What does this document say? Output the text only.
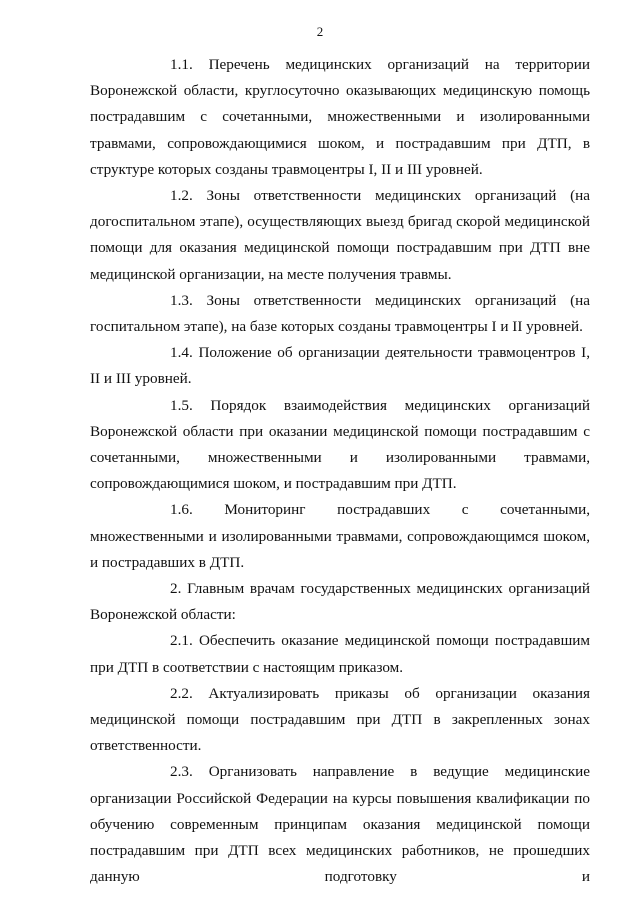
2

1.1. Перечень медицинских организаций на территории Воронежской области, круглосуточно оказывающих медицинскую помощь пострадавшим с сочетанными, множественными и изолированными травмами, сопровождающимися шоком, и пострадавшим при ДТП, в структуре которых созданы травмоцентры I, II и III уровней.

1.2. Зоны ответственности медицинских организаций (на догоспитальном этапе), осуществляющих выезд бригад скорой медицинской помощи для оказания медицинской помощи пострадавшим при ДТП вне медицинской организации, на месте получения травмы.

1.3. Зоны ответственности медицинских организаций (на госпитальном этапе), на базе которых созданы травмоцентры I и II уровней.

1.4. Положение об организации деятельности травмоцентров I, II и III уровней.

1.5. Порядок взаимодействия медицинских организаций Воронежской области при оказании медицинской помощи пострадавшим с сочетанными, множественными и изолированными травмами, сопровождающимися шоком, и пострадавшим при ДТП.

1.6. Мониторинг пострадавших с сочетанными, множественными и изолированными травмами, сопровождающимся шоком, и пострадавших в ДТП.

2. Главным врачам государственных медицинских организаций Воронежской области:

2.1. Обеспечить оказание медицинской помощи пострадавшим при ДТП в соответствии с настоящим приказом.

2.2. Актуализировать приказы об организации оказания медицинской помощи пострадавшим при ДТП в закрепленных зонах ответственности.

2.3. Организовать направление в ведущие медицинские организации Российской Федерации на курсы повышения квалификации по обучению современным принципам оказания медицинской помощи пострадавшим при ДТП всех медицинских работников, не прошедших данную подготовку и
